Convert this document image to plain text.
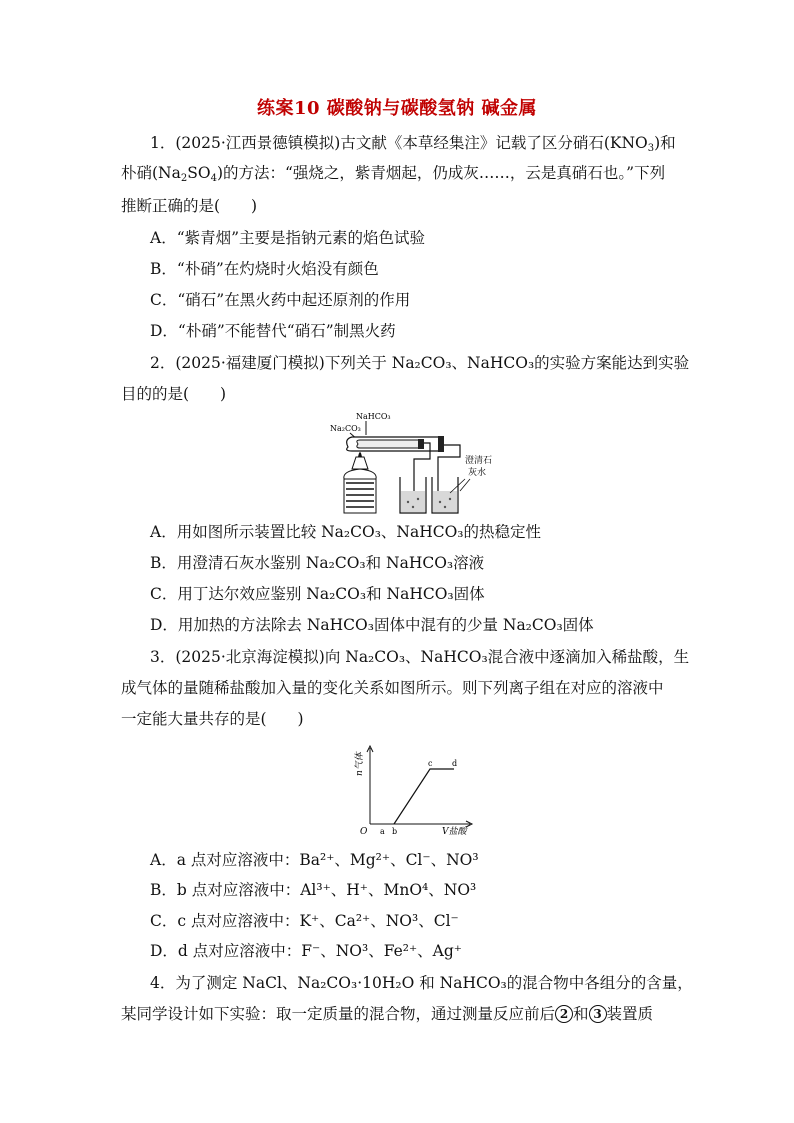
练案10 碳酸钠与碳酸氢钠 碱金属
1．(2025·江西景德镇模拟)古文献《本草经集注》记载了区分硝石$(KNO_3)$和
朴硝$(Na_2SO_4)$的方法：“强烧之，紫青烟起，仍成灰……，云是真硝石也。”下列
推断正确的是(　　)
A．“紫青烟”主要是指钠元素的焰色试验
B．“朴硝”在灼烧时火焰没有颜色
C．“硝石”在黑火药中起还原剂的作用
D．“朴硝”不能替代“硝石”制黑火药
2．(2025·福建厦门模拟)下列关于 Na₂CO₃、NaHCO₃的实验方案能达到实验
目的的是(　　)
NaHCO₃
Na₂CO₃
澄清石
灰水
A．用如图所示装置比较 Na₂CO₃、NaHCO₃的热稳定性
B．用澄清石灰水鉴别 Na₂CO₃和 NaHCO₃溶液
C．用丁达尔效应鉴别 Na₂CO₃和 NaHCO₃固体
D．用加热的方法除去 NaHCO₃固体中混有的少量 Na₂CO₃固体
3．(2025·北京海淀模拟)向 Na₂CO₃、NaHCO₃混合液中逐滴加入稀盐酸，生
成气体的量随稀盐酸加入量的变化关系如图所示。则下列离子组在对应的溶液中
一定能大量共存的是(　　)
n气体
V盐酸
O a b
c d
A．a 点对应溶液中：Ba²⁺、Mg²⁺、Cl⁻、NO³
B．b 点对应溶液中：Al³⁺、H⁺、MnO⁴、NO³
C．c 点对应溶液中：K⁺、Ca²⁺、NO³、Cl⁻
D．d 点对应溶液中：F⁻、NO³、Fe²⁺、Ag⁺
4．为了测定 NaCl、Na₂CO₃·10H₂O 和 NaHCO₃的混合物中各组分的含量，
某同学设计如下实验：取一定质量的混合物，通过测量反应前后 2 和 3 装置质
